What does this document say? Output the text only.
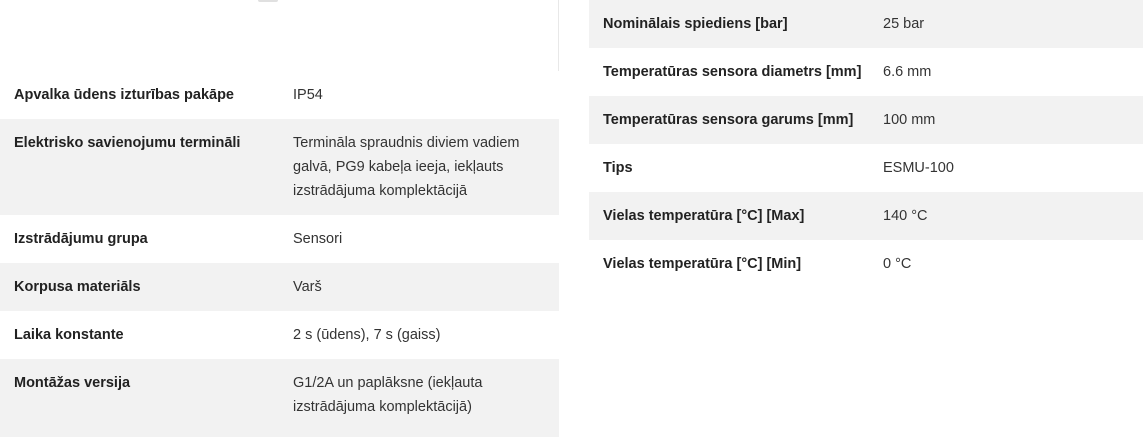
Apvalka ūdens izturības pakāpe	IP54
Elektrisko savienojumu termināli	Termināla spraudnis diviem vadiem galvā, PG9 kabeļa ieeja, iekļauts izstrādājuma komplektācijā
Izstrādājumu grupa	Sensori
Korpusa materiāls	Varš
Laika konstante	2 s (ūdens), 7 s (gaiss)
Montāžas versija	G1/2A un paplāksne (iekļauta izstrādājuma komplektācijā)
Nominālais spiediens [bar]	25 bar
Temperatūras sensora diametrs [mm]	6.6 mm
Temperatūras sensora garums [mm]	100 mm
Tips	ESMU-100
Vielas temperatūra [°C] [Max]	140 °C
Vielas temperatūra [°C] [Min]	0 °C
